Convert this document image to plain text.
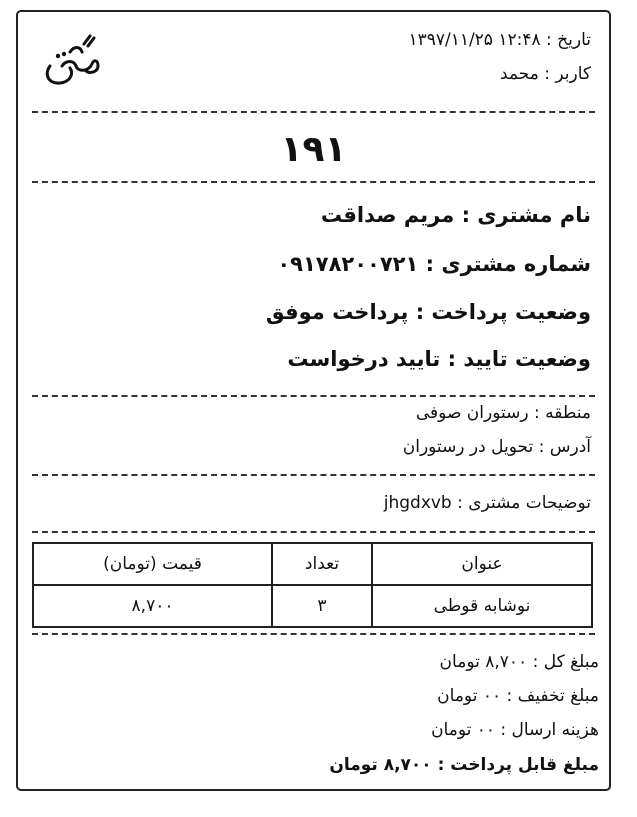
تاریخ : ۱۲:۴۸ ۱۳۹۷/۱۱/۲۵
کاربر : محمد
۱۹۱
نام مشتری : مریم صداقت
شماره مشتری : ۰۹۱۷۸۲۰۰۷۲۱
وضعیت پرداخت : پرداخت موفق
وضعیت تایید : تایید درخواست
منطقه : رستوران صوفی
آدرس : تحویل در رستوران
توضیحات مشتری : jhgdxvb
عنوان	تعداد	قیمت (تومان)
نوشابه قوطی	۳	۸,۷۰۰
مبلغ کل : ۸,۷۰۰ تومان
مبلغ تخفیف : ۰۰ تومان
هزینه ارسال : ۰۰ تومان
مبلغ قابل پرداخت : ۸,۷۰۰ تومان
